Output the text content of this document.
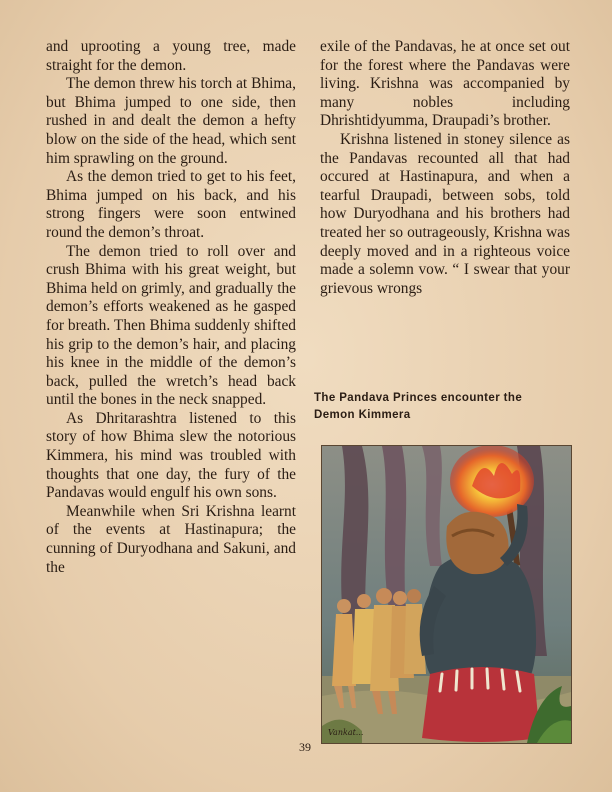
and uprooting a young tree, made straight for the demon.

The demon threw his torch at Bhima, but Bhima jumped to one side, then rushed in and dealt the demon a hefty blow on the side of the head, which sent him sprawling on the ground.

As the demon tried to get to his feet, Bhima jumped on his back, and his strong fingers were soon entwined round the demon’s throat.

The demon tried to roll over and crush Bhima with his great weight, but Bhima held on grimly, and gradually the demon’s efforts weakened as he gasped for breath. Then Bhima suddenly shifted his grip to the demon’s hair, and placing his knee in the middle of the demon’s back, pulled the wretch’s head back until the bones in the neck snapped.

As Dhritarashtra listened to this story of how Bhima slew the notorious Kimmera, his mind was troubled with thoughts that one day, the fury of the Pandavas would engulf his own sons.

Meanwhile when Sri Krishna learnt of the events at Hastinapura; the cunning of Duryodhana and Sakuni, and the

exile of the Pandavas, he at once set out for the forest where the Pandavas were living. Krishna was accompanied by many nobles including Dhrishtidyumma, Draupadi’s brother.

Krishna listened in stoney silence as the Pandavas recounted all that had occured at Hastinapura, and when a tearful Draupadi, between sobs, told how Duryodhana and his brothers had treated her so outrageously, Krishna was deeply moved and in a righteous voice made a solemn vow. “ I swear that your grievous wrongs

The Pandava Princes encounter the Demon Kimmera
Vankat...
39
